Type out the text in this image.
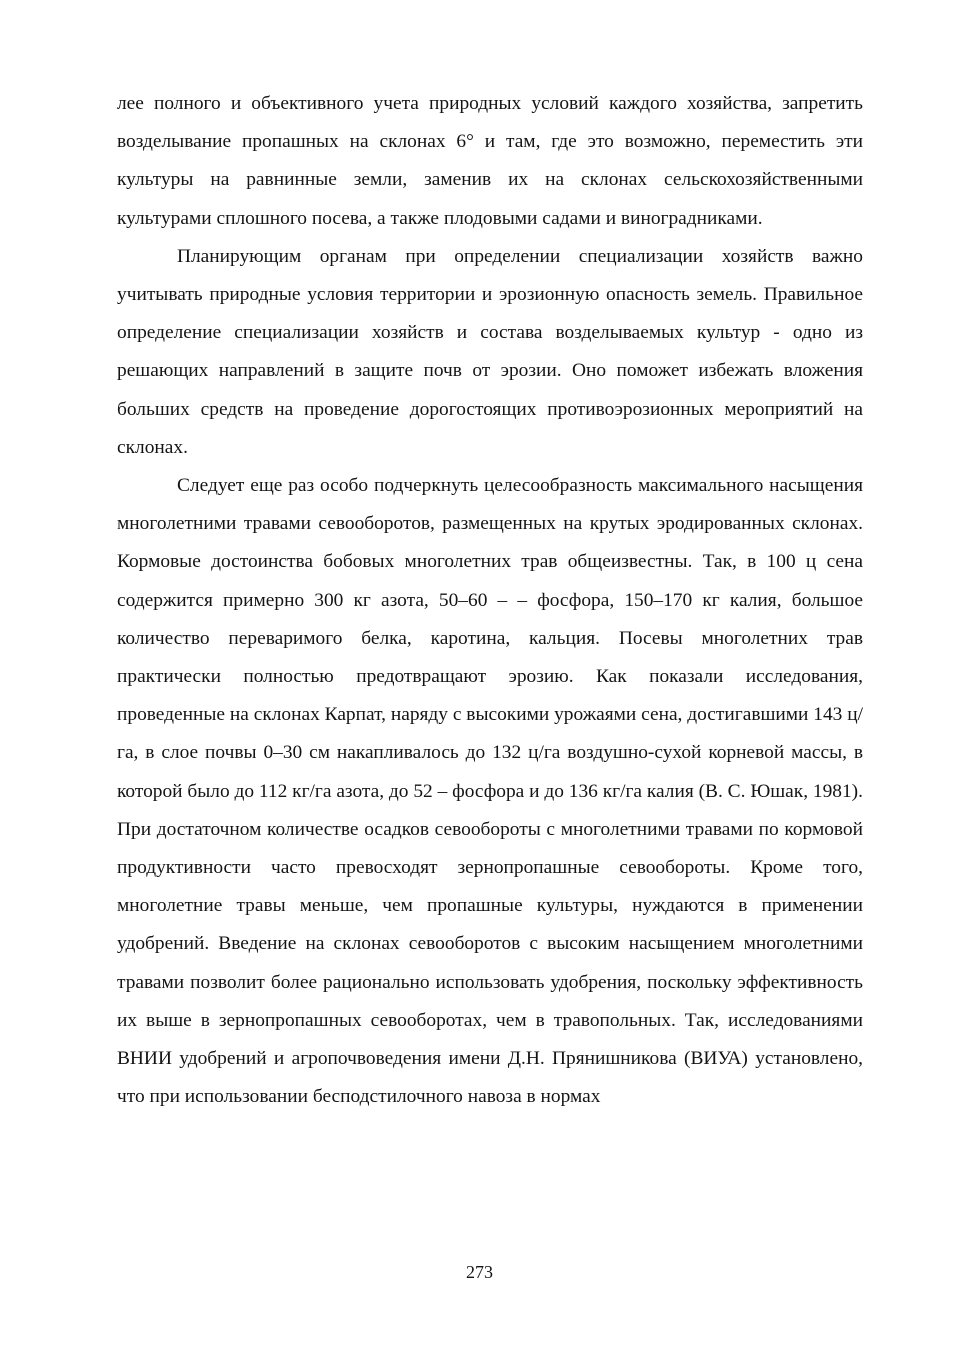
лее полного и объективного учета природных условий каждого хозяйства, запретить возделывание пропашных на склонах 6° и там, где это возможно, переместить эти культуры на равнинные земли, заменив их на склонах сельскохозяйственными культурами сплошного посева, а также плодовыми садами и виноградниками.

Планирующим органам при определении специализации хозяйств важно учитывать природные условия территории и эрозионную опасность земель. Правильное определение специализации хозяйств и состава возделываемых культур - одно из решающих направлений в защите почв от эрозии. Оно поможет избежать вложения больших средств на проведение дорогостоящих противоэрозионных мероприятий на склонах.

Следует еще раз особо подчеркнуть целесообразность максимального насыщения многолетними травами севооборотов, размещенных на крутых эродированных склонах. Кормовые достоинства бобовых многолетних трав общеизвестны. Так, в 100 ц сена содержится примерно 300 кг азота, 50–60 – – фосфора, 150–170 кг калия, большое количество переваримого белка, каротина, кальция. Посевы многолетних трав практически полностью предотвращают эрозию. Как показали исследования, проведенные на склонах Карпат, наряду с высокими урожаями сена, достигавшими 143 ц/га, в слое почвы 0–30 см накапливалось до 132 ц/га воздушно-сухой корневой массы, в которой было до 112 кг/га азота, до 52 – фосфора и до 136 кг/га калия (В. С. Юшак, 1981). При достаточном количестве осадков севообороты с многолетними травами по кормовой продуктивности часто превосходят зернопропашные севообороты. Кроме того, многолетние травы меньше, чем пропашные культуры, нуждаются в применении удобрений. Введение на склонах севооборотов с высоким насыщением многолетними травами позволит более рационально использовать удобрения, поскольку эффективность их выше в зернопропашных севооборотах, чем в травопольных. Так, исследованиями ВНИИ удобрений и агропочвоведения имени Д.Н. Прянишникова (ВИУА) установлено, что при использовании бесподстилочного навоза в нормах

273
